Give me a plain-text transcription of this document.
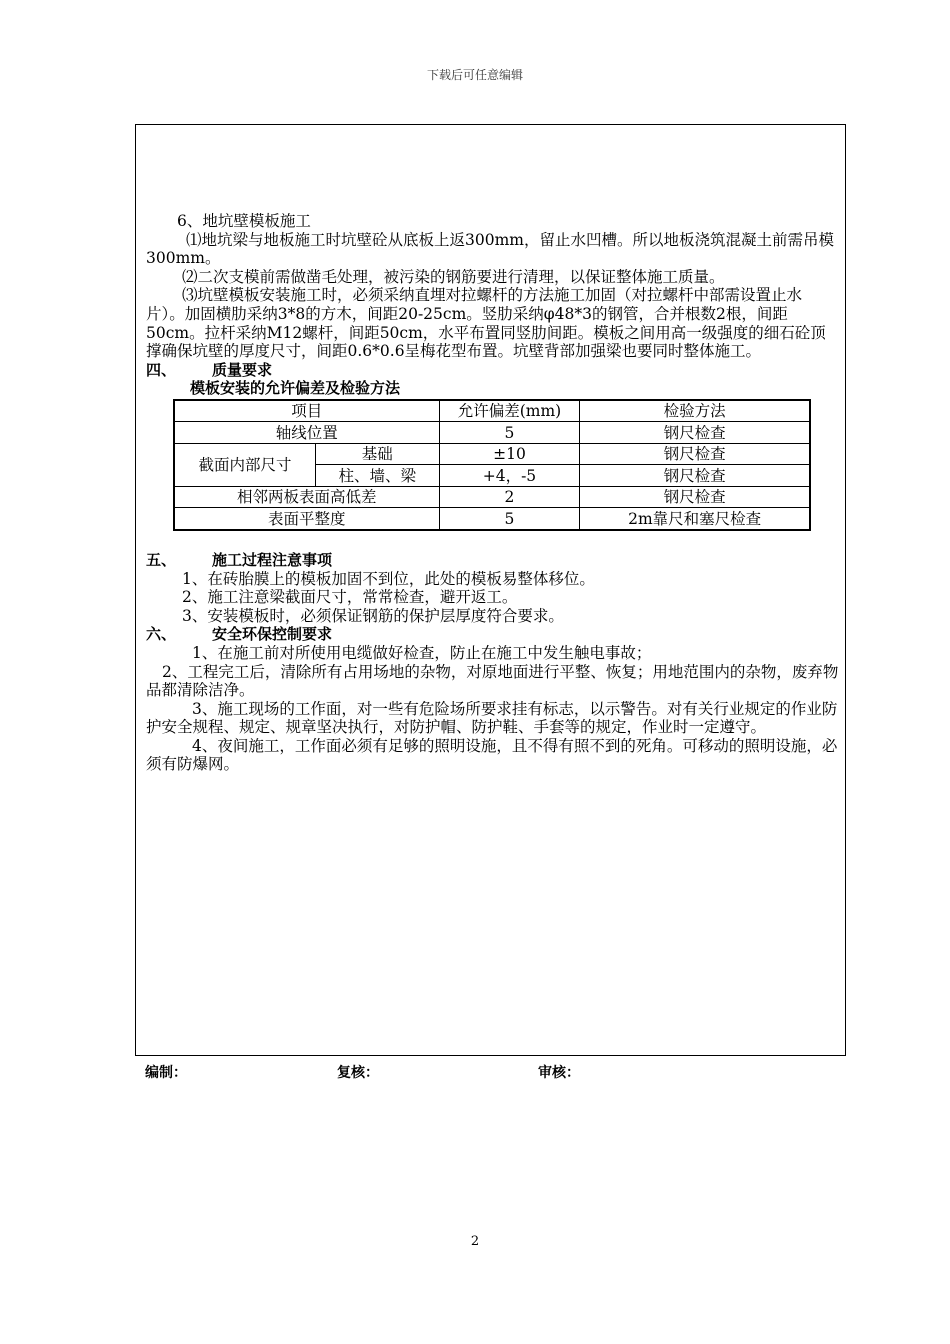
下载后可任意编辑

6、地坑壁模板施工

⑴地坑梁与地板施工时坑壁砼从底板上返300mm，留止水凹槽。所以地板浇筑混凝土前需吊模300mm。

⑵二次支模前需做凿毛处理，被污染的钢筋要进行清理，以保证整体施工质量。

⑶坑壁模板安装施工时，必须采纳直埋对拉螺杆的方法施工加固（对拉螺杆中部需设置止水片）。加固横肋采纳3*8的方木，间距20-25cm。竖肋采纳φ48*3的钢管，合并根数2根，间距50cm。拉杆采纳M12螺杆，间距50cm，水平布置同竖肋间距。模板之间用高一级强度的细石砼顶撑确保坑壁的厚度尺寸，间距0.6*0.6呈梅花型布置。坑壁背部加强梁也要同时整体施工。

四、 质量要求

模板安装的允许偏差及检验方法

项目		允许偏差(mm)	检验方法
轴线位置		5	钢尺检查
截面内部尺寸	基础	±10	钢尺检查
	柱、墙、梁	+4，-5	钢尺检查
相邻两板表面高低差		2	钢尺检查
表面平整度		5	2m靠尺和塞尺检查

五、 施工过程注意事项

1、在砖胎膜上的模板加固不到位，此处的模板易整体移位。

2、施工注意梁截面尺寸，常常检查，避开返工。

3、安装模板时，必须保证钢筋的保护层厚度符合要求。

六、 安全环保控制要求

1、在施工前对所使用电缆做好检查，防止在施工中发生触电事故；

2、工程完工后，清除所有占用场地的杂物，对原地面进行平整、恢复；用地范围内的杂物，废弃物品都清除洁净。

3、施工现场的工作面，对一些有危险场所要求挂有标志，以示警告。对有关行业规定的作业防护安全规程、规定、规章坚决执行，对防护帽、防护鞋、手套等的规定，作业时一定遵守。

4、夜间施工，工作面必须有足够的照明设施，且不得有照不到的死角。可移动的照明设施，必须有防爆网。

编制：	复核：	审核：
2
